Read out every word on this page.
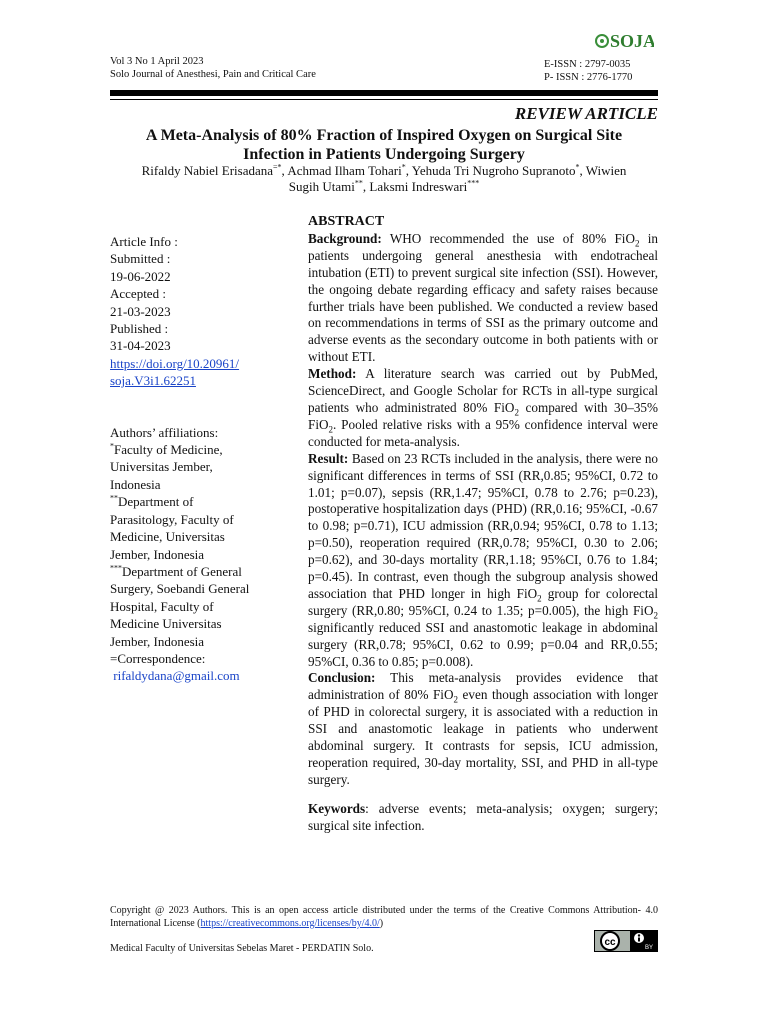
Vol 3 No 1 April 2023
Solo Journal of Anesthesi, Pain and Critical Care
SOJA
E-ISSN : 2797-0035
P- ISSN : 2776-1770
REVIEW ARTICLE
A Meta-Analysis of 80% Fraction of Inspired Oxygen on Surgical Site
Infection in Patients Undergoing Surgery
Rifaldy Nabiel Erisadana=*, Achmad Ilham Tohari*, Yehuda Tri Nugroho Supranoto*, Wiwien
Sugih Utami**, Laksmi Indreswari***
Article Info :
Submitted :
19-06-2022
Accepted :
21-03-2023
Published :
31-04-2023
https://doi.org/10.20961/
soja.V3i1.62251
Authors’ affiliations:
*Faculty of Medicine,
Universitas Jember,
Indonesia
**Department of
Parasitology, Faculty of
Medicine, Universitas
Jember, Indonesia
***Department of General
Surgery, Soebandi General
Hospital, Faculty of
Medicine Universitas
Jember, Indonesia
=Correspondence:
rifaldydana@gmail.com

ABSTRACT

Background: WHO recommended the use of 80% FiO$_2$ in patients undergoing general anesthesia with endotracheal intubation (ETI) to prevent surgical site infection (SSI). However, the ongoing debate regarding efficacy and safety raises because further trials have been published. We conducted a review based on recommendations in terms of SSI as the primary outcome and adverse events as the secondary outcome in both patients with or without ETI.

Method: A literature search was carried out by PubMed, ScienceDirect, and Google Scholar for RCTs in all-type surgical patients who administrated 80% FiO$_2$ compared with 30–35% FiO$_2$. Pooled relative risks with a 95% confidence interval were conducted for meta-analysis.

Result: Based on 23 RCTs included in the analysis, there were no significant differences in terms of SSI (RR,0.85; 95%CI, 0.72 to 1.01; p=0.07), sepsis (RR,1.47; 95%CI, 0.78 to 2.76; p=0.23), postoperative hospitalization days (PHD) (RR,0.16; 95%CI, -0.67 to 0.98; p=0.71), ICU admission (RR,0.94; 95%CI, 0.78 to 1.13; p=0.50), reoperation required (RR,0.78; 95%CI, 0.30 to 2.06; p=0.62), and 30-days mortality (RR,1.18; 95%CI, 0.76 to 1.84; p=0.45). In contrast, even though the subgroup analysis showed association that PHD longer in high FiO$_2$ group for colorectal surgery (RR,0.80; 95%CI, 0.24 to 1.35; p=0.005), the high FiO$_2$ significantly reduced SSI and anastomotic leakage in abdominal surgery (RR,0.78; 95%CI, 0.62 to 0.99; p=0.04 and RR,0.55; 95%CI, 0.36 to 0.85; p=0.008).

Conclusion: This meta-analysis provides evidence that administration of 80% FiO$_2$ even though association with longer of PHD in colorectal surgery, it is associated with a reduction in SSI and anastomotic leakage in patients who underwent abdominal surgery. It contrasts for sepsis, ICU admission, reoperation required, 30-day mortality, SSI, and PHD in all-type surgery.

Keywords: adverse events; meta-analysis; oxygen; surgery; surgical site infection.

Copyright @ 2023 Authors. This is an open access article distributed under the terms of the Creative Commons Attribution- 4.0 International License (https://creativecommons.org/licenses/by/4.0/)
cc	BY
Medical Faculty of Universitas Sebelas Maret - PERDATIN Solo.
